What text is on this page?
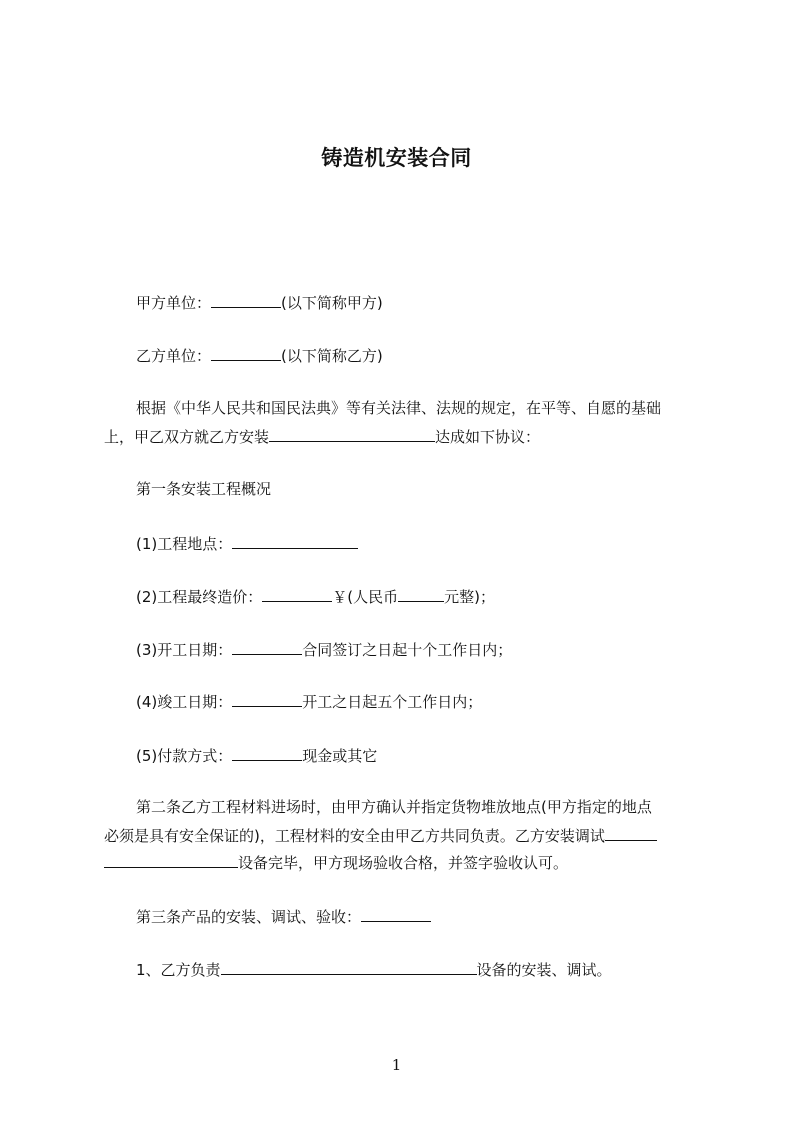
铸造机安装合同
甲方单位：	(以下简称甲方)
乙方单位：	(以下简称乙方)
根据《中华人民共和国民法典》等有关法律、法规的规定，在平等、自愿的基础
上，甲乙双方就乙方安装	达成如下协议：
第一条安装工程概况
(1)工程地点：
(2)工程最终造价：	￥(人民币	元整)；
(3)开工日期：	合同签订之日起十个工作日内；
(4)竣工日期：	开工之日起五个工作日内；
(5)付款方式：	现金或其它
第二条乙方工程材料进场时，由甲方确认并指定货物堆放地点(甲方指定的地点
必须是具有安全保证的)，工程材料的安全由甲乙方共同负责。乙方安装调试
设备完毕，甲方现场验收合格，并签字验收认可。
第三条产品的安装、调试、验收：
1、乙方负责	设备的安装、调试。
1
